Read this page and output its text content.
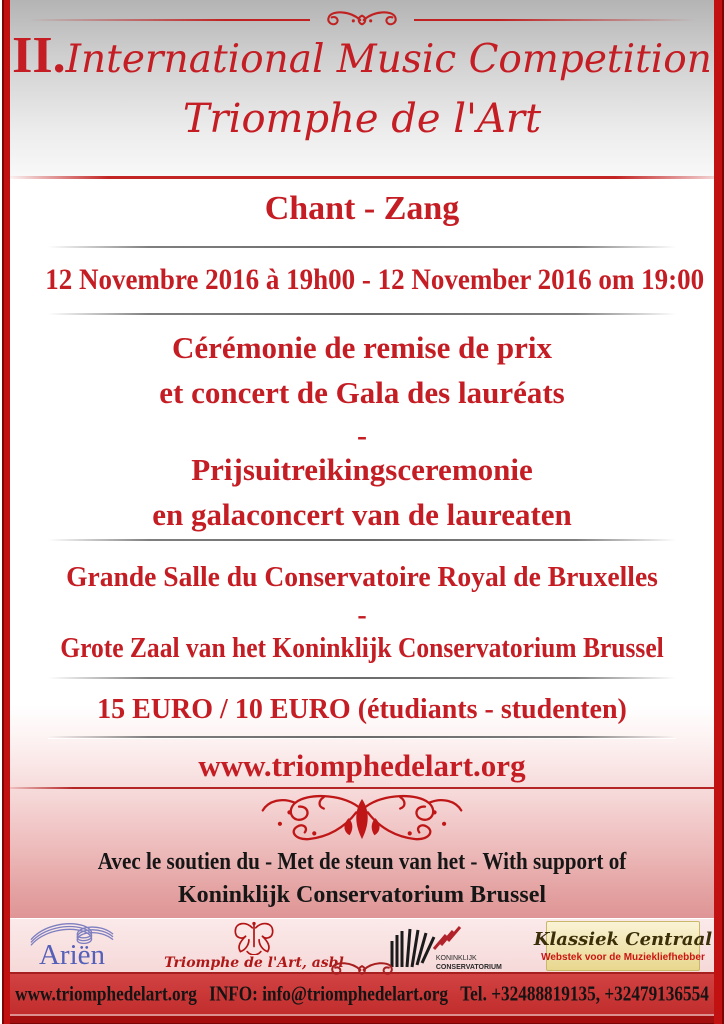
II.International Music Competition
Triomphe de l'Art
Chant - Zang
12 Novembre 2016 à 19h00 - 12 November 2016 om 19:00
Cérémonie de remise de prix
et concert de Gala des lauréats
-
Prijsuitreikingsceremonie
en galaconcert van de laureaten
Grande Salle du Conservatoire Royal de Bruxelles
-
Grote Zaal van het Koninklijk Conservatorium Brussel
15 EURO / 10 EURO (étudiants - studenten)
www.triomphedelart.org
Avec le soutien du - Met de steun van het - With support of
Koninklijk Conservatorium Brussel
Ariën	Triomphe de l'Art, asbl	KONINKLIJK
CONSERVATORIUM
Klassiek Centraal
Webstek voor de Muziekliefhebber
www.triomphedelart.org INFO: info@triomphedelart.org Tel. +32488819135, +32479136554
